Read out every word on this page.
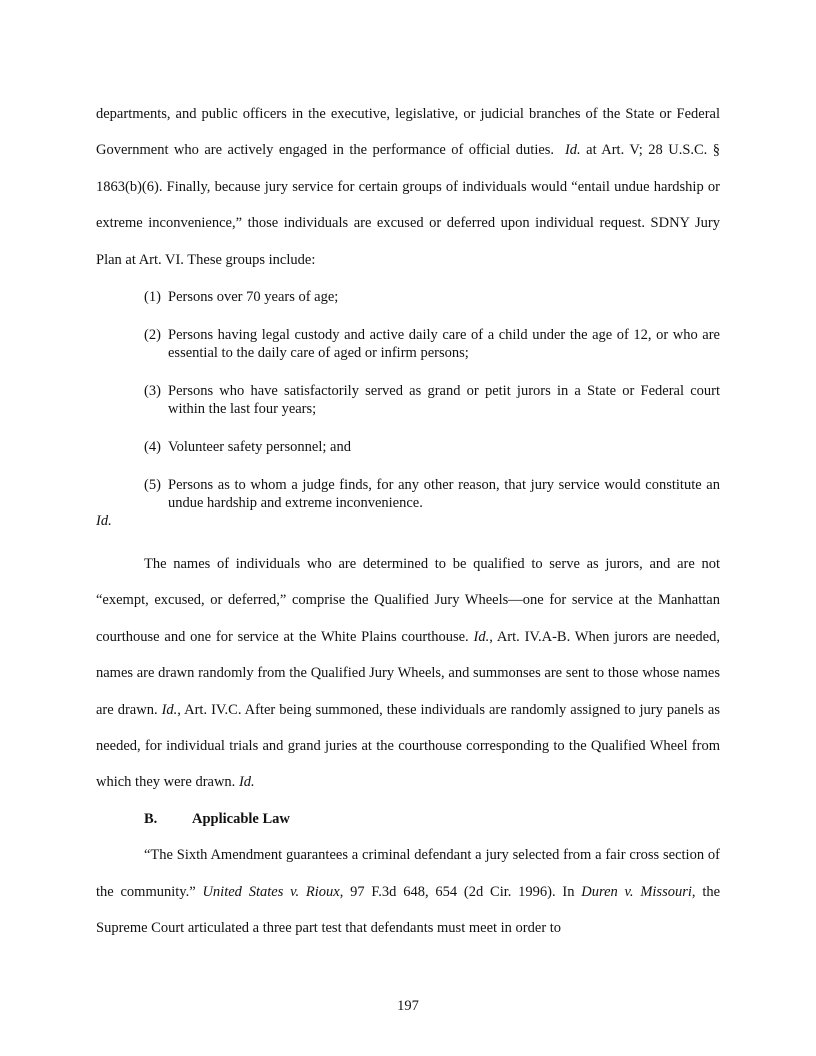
departments, and public officers in the executive, legislative, or judicial branches of the State or Federal Government who are actively engaged in the performance of official duties. Id. at Art. V; 28 U.S.C. § 1863(b)(6). Finally, because jury service for certain groups of individuals would “entail undue hardship or extreme inconvenience,” those individuals are excused or deferred upon individual request. SDNY Jury Plan at Art. VI. These groups include:

(1) Persons over 70 years of age;
(2) Persons having legal custody and active daily care of a child under the age of 12, or who are essential to the daily care of aged or infirm persons;
(3) Persons who have satisfactorily served as grand or petit jurors in a State or Federal court within the last four years;
(4) Volunteer safety personnel; and
(5) Persons as to whom a judge finds, for any other reason, that jury service would constitute an undue hardship and extreme inconvenience.

Id.

The names of individuals who are determined to be qualified to serve as jurors, and are not “exempt, excused, or deferred,” comprise the Qualified Jury Wheels—one for service at the Manhattan courthouse and one for service at the White Plains courthouse. Id., Art. IV.A-B. When jurors are needed, names are drawn randomly from the Qualified Jury Wheels, and summonses are sent to those whose names are drawn. Id., Art. IV.C. After being summoned, these individuals are randomly assigned to jury panels as needed, for individual trials and grand juries at the courthouse corresponding to the Qualified Wheel from which they were drawn. Id.

B.	Applicable Law

“The Sixth Amendment guarantees a criminal defendant a jury selected from a fair cross section of the community.” United States v. Rioux, 97 F.3d 648, 654 (2d Cir. 1996). In Duren v. Missouri, the Supreme Court articulated a three part test that defendants must meet in order to

197
